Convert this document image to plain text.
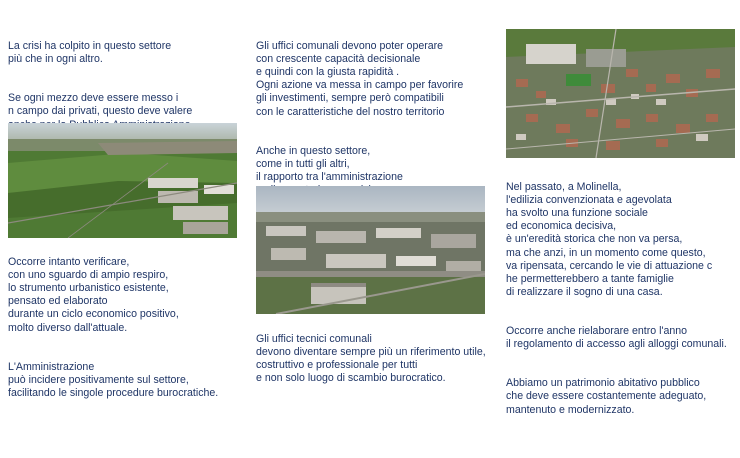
La crisi ha colpito in questo settore
più che in ogni altro.

Se ogni mezzo deve essere messo i
n campo dai privati, questo deve valere

Occorre intanto verificare,
con uno sguardo di ampio respiro,
lo strumento urbanistico esistente,
pensato ed elaborato
durante un ciclo economico positivo,
molto diverso dall'attuale.

L'Amministrazione
può incidere positivamente sul settore,
facilitando le singole procedure burocratiche.

Gli uffici comunali devono poter operare
con crescente capacità decisionale
e quindi con la giusta rapidità .
Ogni azione va messa in campo per favorire
gli investimenti, sempre però compatibili
con le caratteristiche del nostro territorio

Anche in questo settore,
come in tutti gli altri,
il rapporto tra l'amministrazione

Gli uffici tecnici comunali
devono diventare sempre più un riferimento utile,
costruttivo e professionale per tutti
e non solo luogo di scambio burocratico.

Nel passato, a Molinella,
l'edilizia convenzionata e agevolata
ha svolto una funzione sociale
ed economica decisiva,
è un'eredità storica che non va persa,
ma che anzi, in un momento come questo,
va ripensata, cercando le vie di attuazione c
he permetterebbero a tante famiglie
di realizzare il sogno di una casa.

Occorre anche rielaborare entro l'anno
il regolamento di accesso agli alloggi comunali.

Abbiamo un patrimonio abitativo pubblico
che deve essere costantemente adeguato,
mantenuto e modernizzato.
